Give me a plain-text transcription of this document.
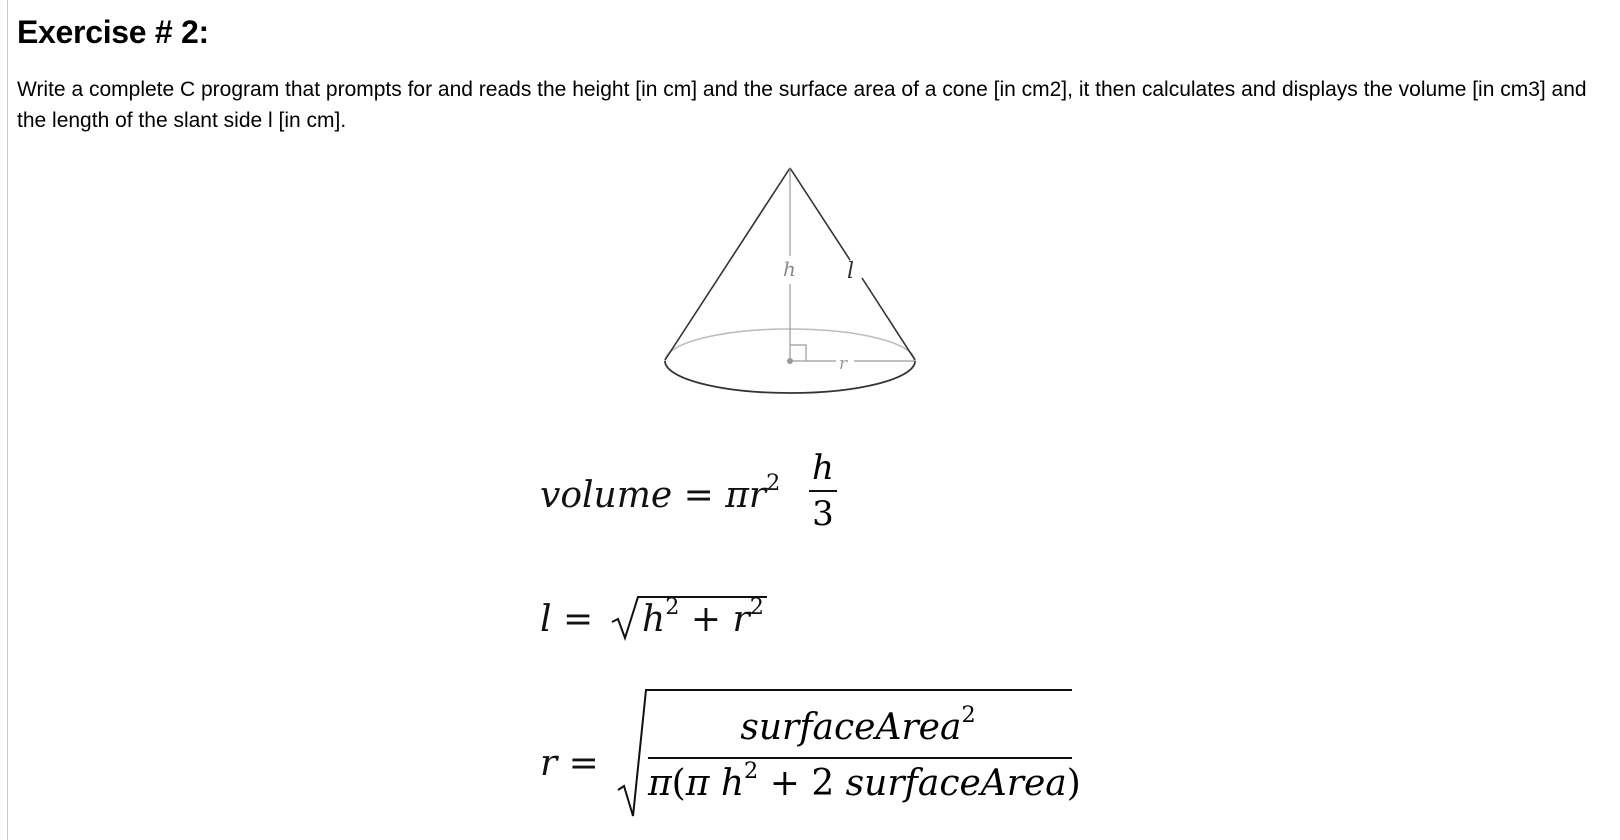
Exercise # 2:

Write a complete C program that prompts for and reads the height [in cm] and the surface area of a cone [in cm2], it then calculates and displays the volume [in cm3] and the length of the slant side l [in cm].

h l
r
volume = $\pi r^2$ h
3
$l = h^2 + r^2$
r =
surfaceArea$^2$
π(π $h^2 + 2$ surfaceArea)
